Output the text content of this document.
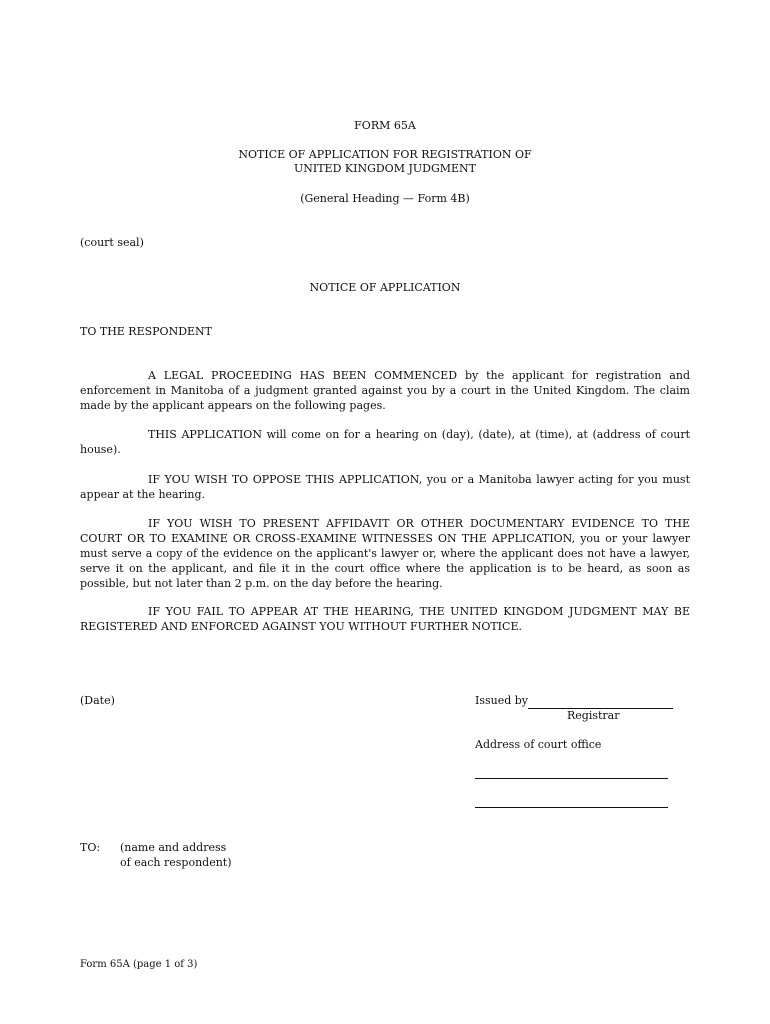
FORM 65A
NOTICE OF APPLICATION FOR REGISTRATION OF
UNITED KINGDOM JUDGMENT
(General Heading — Form 4B)
(court seal)
NOTICE OF APPLICATION
TO THE RESPONDENT
A LEGAL PROCEEDING HAS BEEN COMMENCED by the applicant for registration and enforcement in Manitoba of a judgment granted against you by a court in the United Kingdom. The claim made by the applicant appears on the following pages.
THIS APPLICATION will come on for a hearing on (day), (date), at (time), at (address of court house).
IF YOU WISH TO OPPOSE THIS APPLICATION, you or a Manitoba lawyer acting for you must appear at the hearing.
IF YOU WISH TO PRESENT AFFIDAVIT OR OTHER DOCUMENTARY EVIDENCE TO THE COURT OR TO EXAMINE OR CROSS-EXAMINE WITNESSES ON THE APPLICATION, you or your lawyer must serve a copy of the evidence on the applicant's lawyer or, where the applicant does not have a lawyer, serve it on the applicant, and file it in the court office where the application is to be heard, as soon as possible, but not later than 2 p.m. on the day before the hearing.
IF YOU FAIL TO APPEAR AT THE HEARING, THE UNITED KINGDOM JUDGMENT MAY BE REGISTERED AND ENFORCED AGAINST YOU WITHOUT FURTHER NOTICE.
(Date)	Issued by
Registrar
Address of court office
TO: (name and address
of each respondent)
Form 65A (page 1 of 3)
